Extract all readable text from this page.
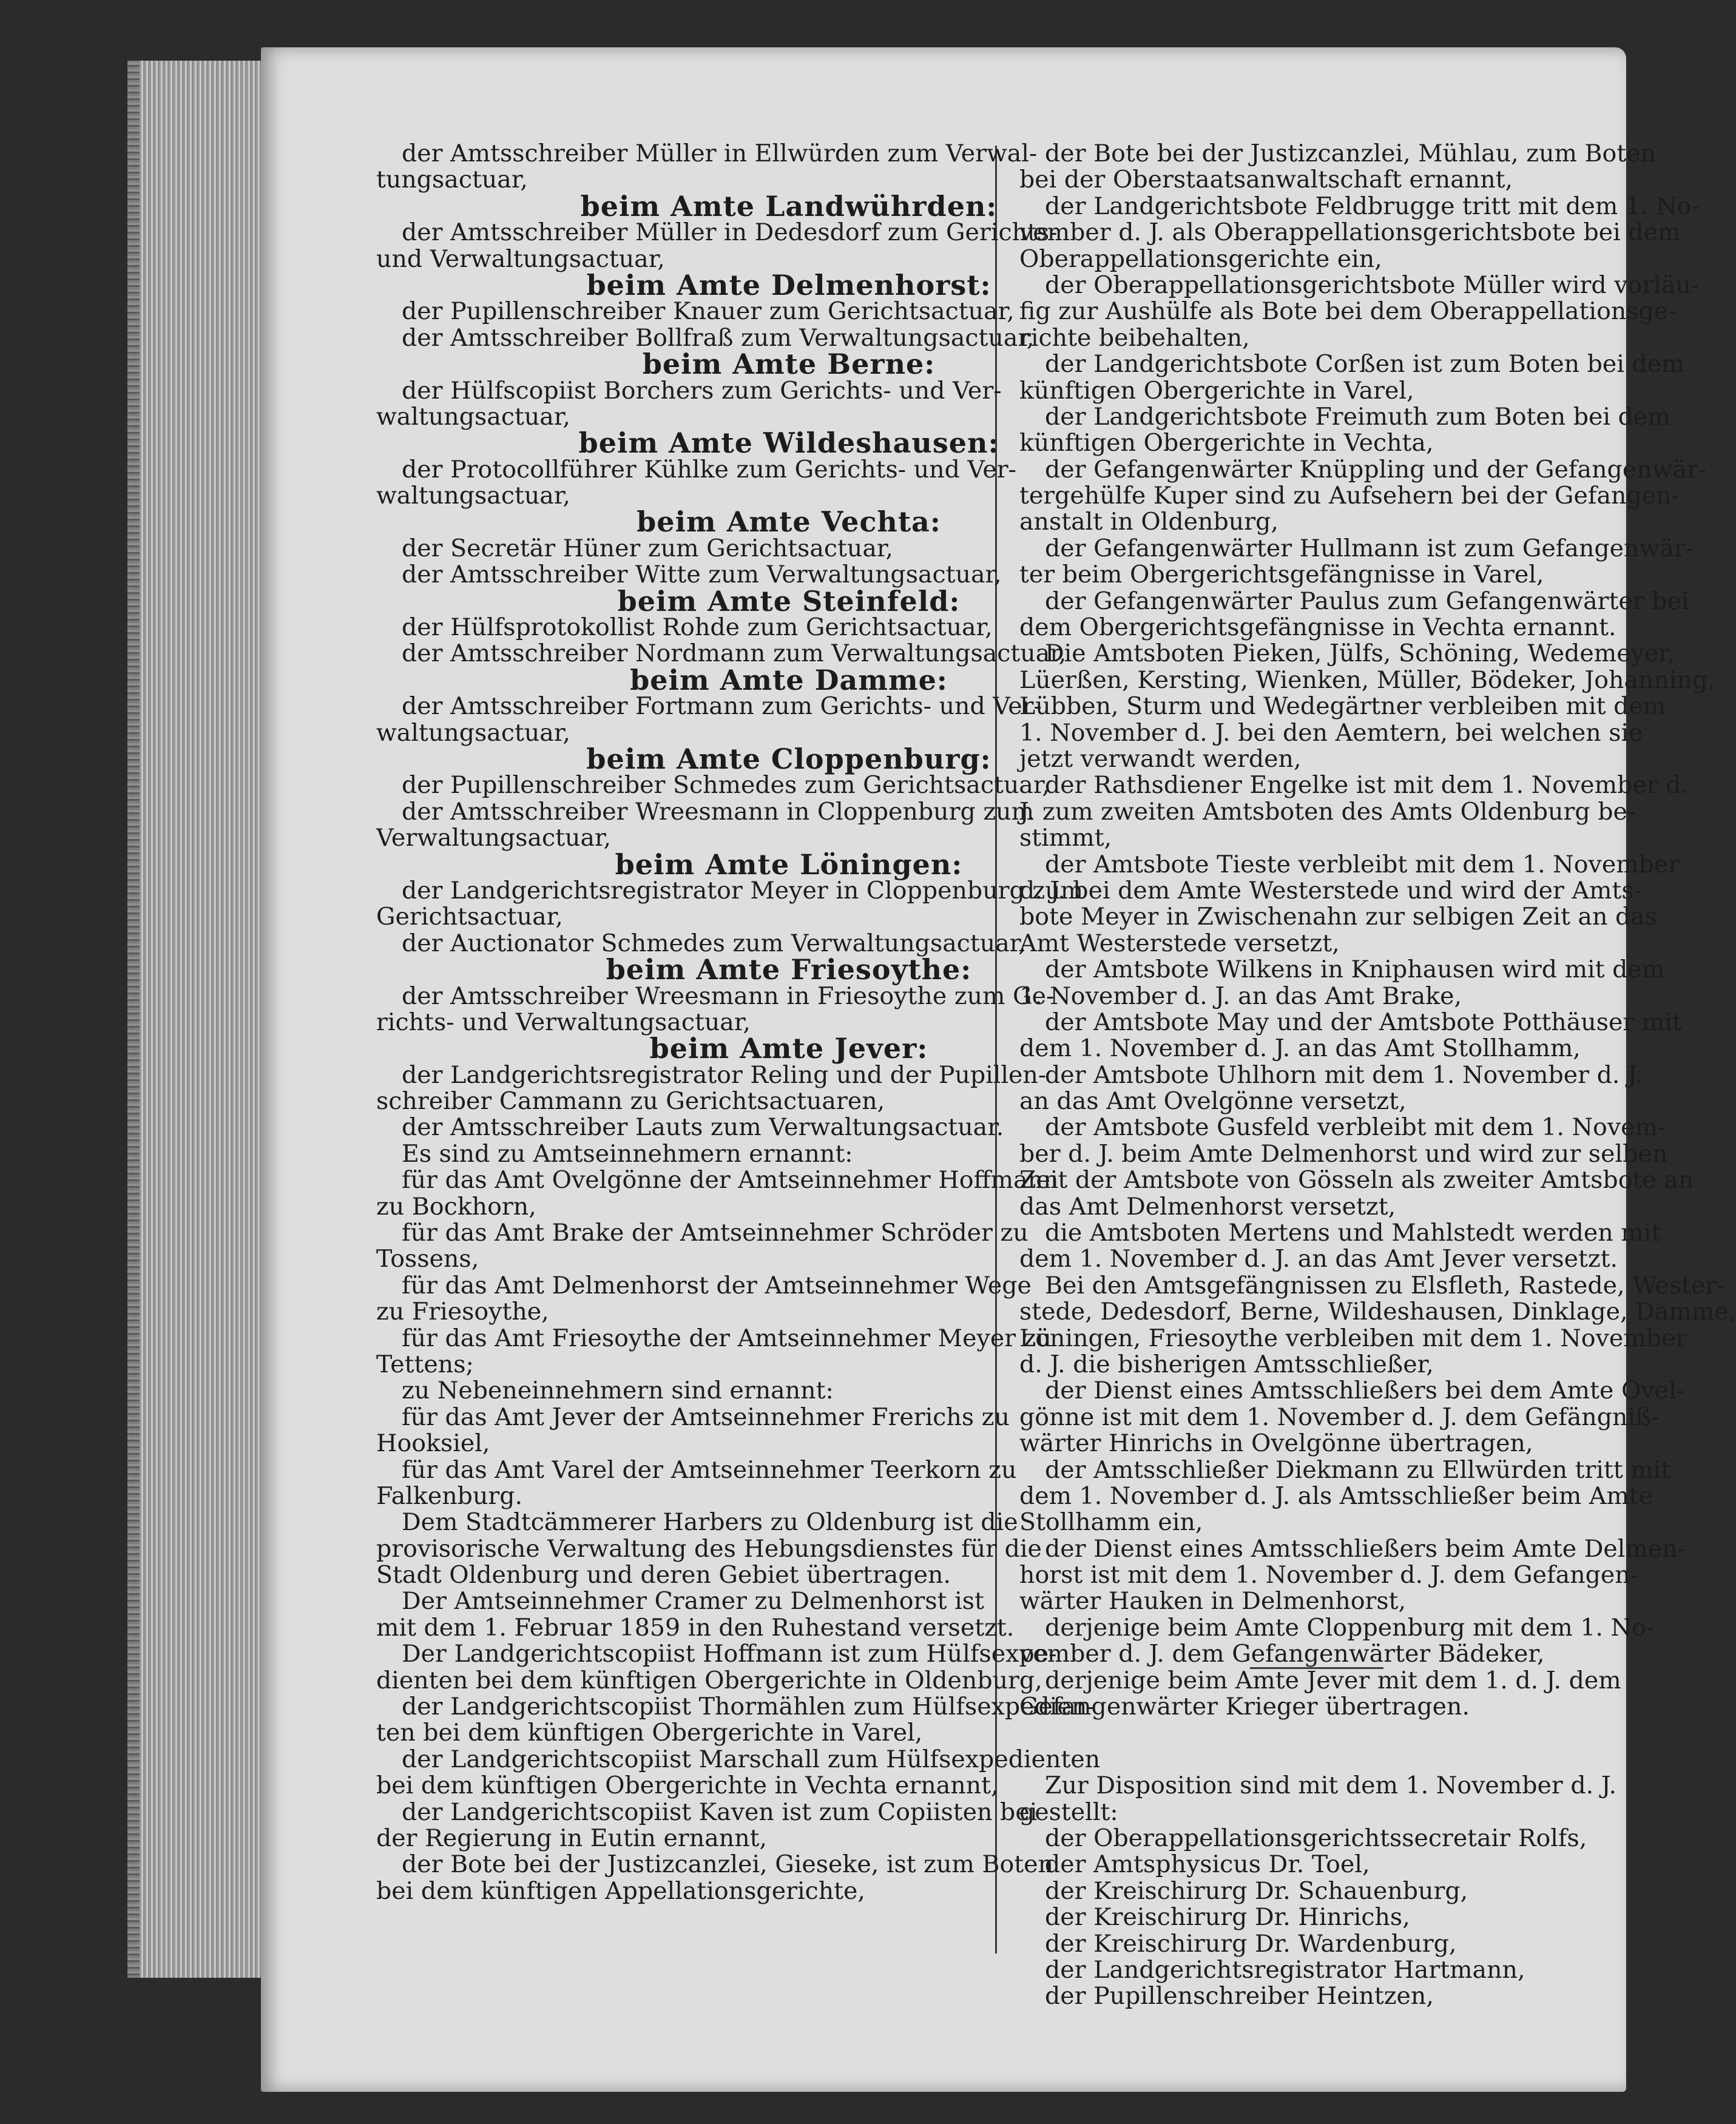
der Amtsschreiber Müller in Ellwürden zum Verwal-
tungsactuar,
beim Amte Landwührden:
der Amtsschreiber Müller in Dedesdorf zum Gerichts-
und Verwaltungsactuar,
beim Amte Delmenhorst:
der Pupillenschreiber Knauer zum Gerichtsactuar,
der Amtsschreiber Bollfraß zum Verwaltungsactuar,
beim Amte Berne:
der Hülfscopiist Borchers zum Gerichts- und Ver-
waltungsactuar,
beim Amte Wildeshausen:
der Protocollführer Kühlke zum Gerichts- und Ver-
waltungsactuar,
beim Amte Vechta:
der Secretär Hüner zum Gerichtsactuar,
der Amtsschreiber Witte zum Verwaltungsactuar,
beim Amte Steinfeld:
der Hülfsprotokollist Rohde zum Gerichtsactuar,
der Amtsschreiber Nordmann zum Verwaltungsactuar,
beim Amte Damme:
der Amtsschreiber Fortmann zum Gerichts- und Ver-
waltungsactuar,
beim Amte Cloppenburg:
der Pupillenschreiber Schmedes zum Gerichtsactuar,
der Amtsschreiber Wreesmann in Cloppenburg zum
Verwaltungsactuar,
beim Amte Löningen:
der Landgerichtsregistrator Meyer in Cloppenburg zum
Gerichtsactuar,
der Auctionator Schmedes zum Verwaltungsactuar,
beim Amte Friesoythe:
der Amtsschreiber Wreesmann in Friesoythe zum Ge-
richts- und Verwaltungsactuar,
beim Amte Jever:
der Landgerichtsregistrator Reling und der Pupillen-
schreiber Cammann zu Gerichtsactuaren,
der Amtsschreiber Lauts zum Verwaltungsactuar.
Es sind zu Amtseinnehmern ernannt:
für das Amt Ovelgönne der Amtseinnehmer Hoffmann
zu Bockhorn,
für das Amt Brake der Amtseinnehmer Schröder zu
Tossens,
für das Amt Delmenhorst der Amtseinnehmer Wege
zu Friesoythe,
für das Amt Friesoythe der Amtseinnehmer Meyer zu
Tettens;
zu Nebeneinnehmern sind ernannt:
für das Amt Jever der Amtseinnehmer Frerichs zu
Hooksiel,
für das Amt Varel der Amtseinnehmer Teerkorn zu
Falkenburg.
Dem Stadtcämmerer Harbers zu Oldenburg ist die
provisorische Verwaltung des Hebungsdienstes für die
Stadt Oldenburg und deren Gebiet übertragen.
Der Amtseinnehmer Cramer zu Delmenhorst ist
mit dem 1. Februar 1859 in den Ruhestand versetzt.
Der Landgerichtscopiist Hoffmann ist zum Hülfsexpe-
dienten bei dem künftigen Obergerichte in Oldenburg,
der Landgerichtscopiist Thormählen zum Hülfsexpedien-
ten bei dem künftigen Obergerichte in Varel,
der Landgerichtscopiist Marschall zum Hülfsexpedienten
bei dem künftigen Obergerichte in Vechta ernannt,
der Landgerichtscopiist Kaven ist zum Copiisten bei
der Regierung in Eutin ernannt,
der Bote bei der Justizcanzlei, Gieseke, ist zum Boten
bei dem künftigen Appellationsgerichte,
der Bote bei der Justizcanzlei, Mühlau, zum Boten
bei der Oberstaatsanwaltschaft ernannt,
der Landgerichtsbote Feldbrugge tritt mit dem 1. No-
vember d. J. als Oberappellationsgerichtsbote bei dem
Oberappellationsgerichte ein,
der Oberappellationsgerichtsbote Müller wird vorläu-
fig zur Aushülfe als Bote bei dem Oberappellationsge-
richte beibehalten,
der Landgerichtsbote Corßen ist zum Boten bei dem
künftigen Obergerichte in Varel,
der Landgerichtsbote Freimuth zum Boten bei dem
künftigen Obergerichte in Vechta,
der Gefangenwärter Knüppling und der Gefangenwär-
tergehülfe Kuper sind zu Aufsehern bei der Gefangen-
anstalt in Oldenburg,
der Gefangenwärter Hullmann ist zum Gefangenwär-
ter beim Obergerichtsgefängnisse in Varel,
der Gefangenwärter Paulus zum Gefangenwärter bei
dem Obergerichtsgefängnisse in Vechta ernannt.
Die Amtsboten Pieken, Jülfs, Schöning, Wedemeyer,
Lüerßen, Kersting, Wienken, Müller, Bödeker, Johanning,
Lübben, Sturm und Wedegärtner verbleiben mit dem
1. November d. J. bei den Aemtern, bei welchen sie
jetzt verwandt werden,
der Rathsdiener Engelke ist mit dem 1. November d.
J. zum zweiten Amtsboten des Amts Oldenburg be-
stimmt,
der Amtsbote Tieste verbleibt mit dem 1. November
d. J. bei dem Amte Westerstede und wird der Amts-
bote Meyer in Zwischenahn zur selbigen Zeit an das
Amt Westerstede versetzt,
der Amtsbote Wilkens in Kniphausen wird mit dem
1. November d. J. an das Amt Brake,
der Amtsbote May und der Amtsbote Potthäuser mit
dem 1. November d. J. an das Amt Stollhamm,
der Amtsbote Uhlhorn mit dem 1. November d. J.
an das Amt Ovelgönne versetzt,
der Amtsbote Gusfeld verbleibt mit dem 1. Novem-
ber d. J. beim Amte Delmenhorst und wird zur selben
Zeit der Amtsbote von Gösseln als zweiter Amtsbote an
das Amt Delmenhorst versetzt,
die Amtsboten Mertens und Mahlstedt werden mit
dem 1. November d. J. an das Amt Jever versetzt.
Bei den Amtsgefängnissen zu Elsfleth, Rastede, Wester-
stede, Dedesdorf, Berne, Wildeshausen, Dinklage, Damme,
Löningen, Friesoythe verbleiben mit dem 1. November
d. J. die bisherigen Amtsschließer,
der Dienst eines Amtsschließers bei dem Amte Ovel-
gönne ist mit dem 1. November d. J. dem Gefängniß-
wärter Hinrichs in Ovelgönne übertragen,
der Amtsschließer Diekmann zu Ellwürden tritt mit
dem 1. November d. J. als Amtsschließer beim Amte
Stollhamm ein,
der Dienst eines Amtsschließers beim Amte Delmen-
horst ist mit dem 1. November d. J. dem Gefangen-
wärter Hauken in Delmenhorst,
derjenige beim Amte Cloppenburg mit dem 1. No-
vember d. J. dem Gefangenwärter Bädeker,
derjenige beim Amte Jever mit dem 1. d. J. dem
Gefangenwärter Krieger übertragen.
Zur Disposition sind mit dem 1. November d. J.
gestellt:
der Oberappellationsgerichtssecretair Rolfs,
der Amtsphysicus Dr. Toel,
der Kreischirurg Dr. Schauenburg,
der Kreischirurg Dr. Hinrichs,
der Kreischirurg Dr. Wardenburg,
der Landgerichtsregistrator Hartmann,
der Pupillenschreiber Heintzen,
